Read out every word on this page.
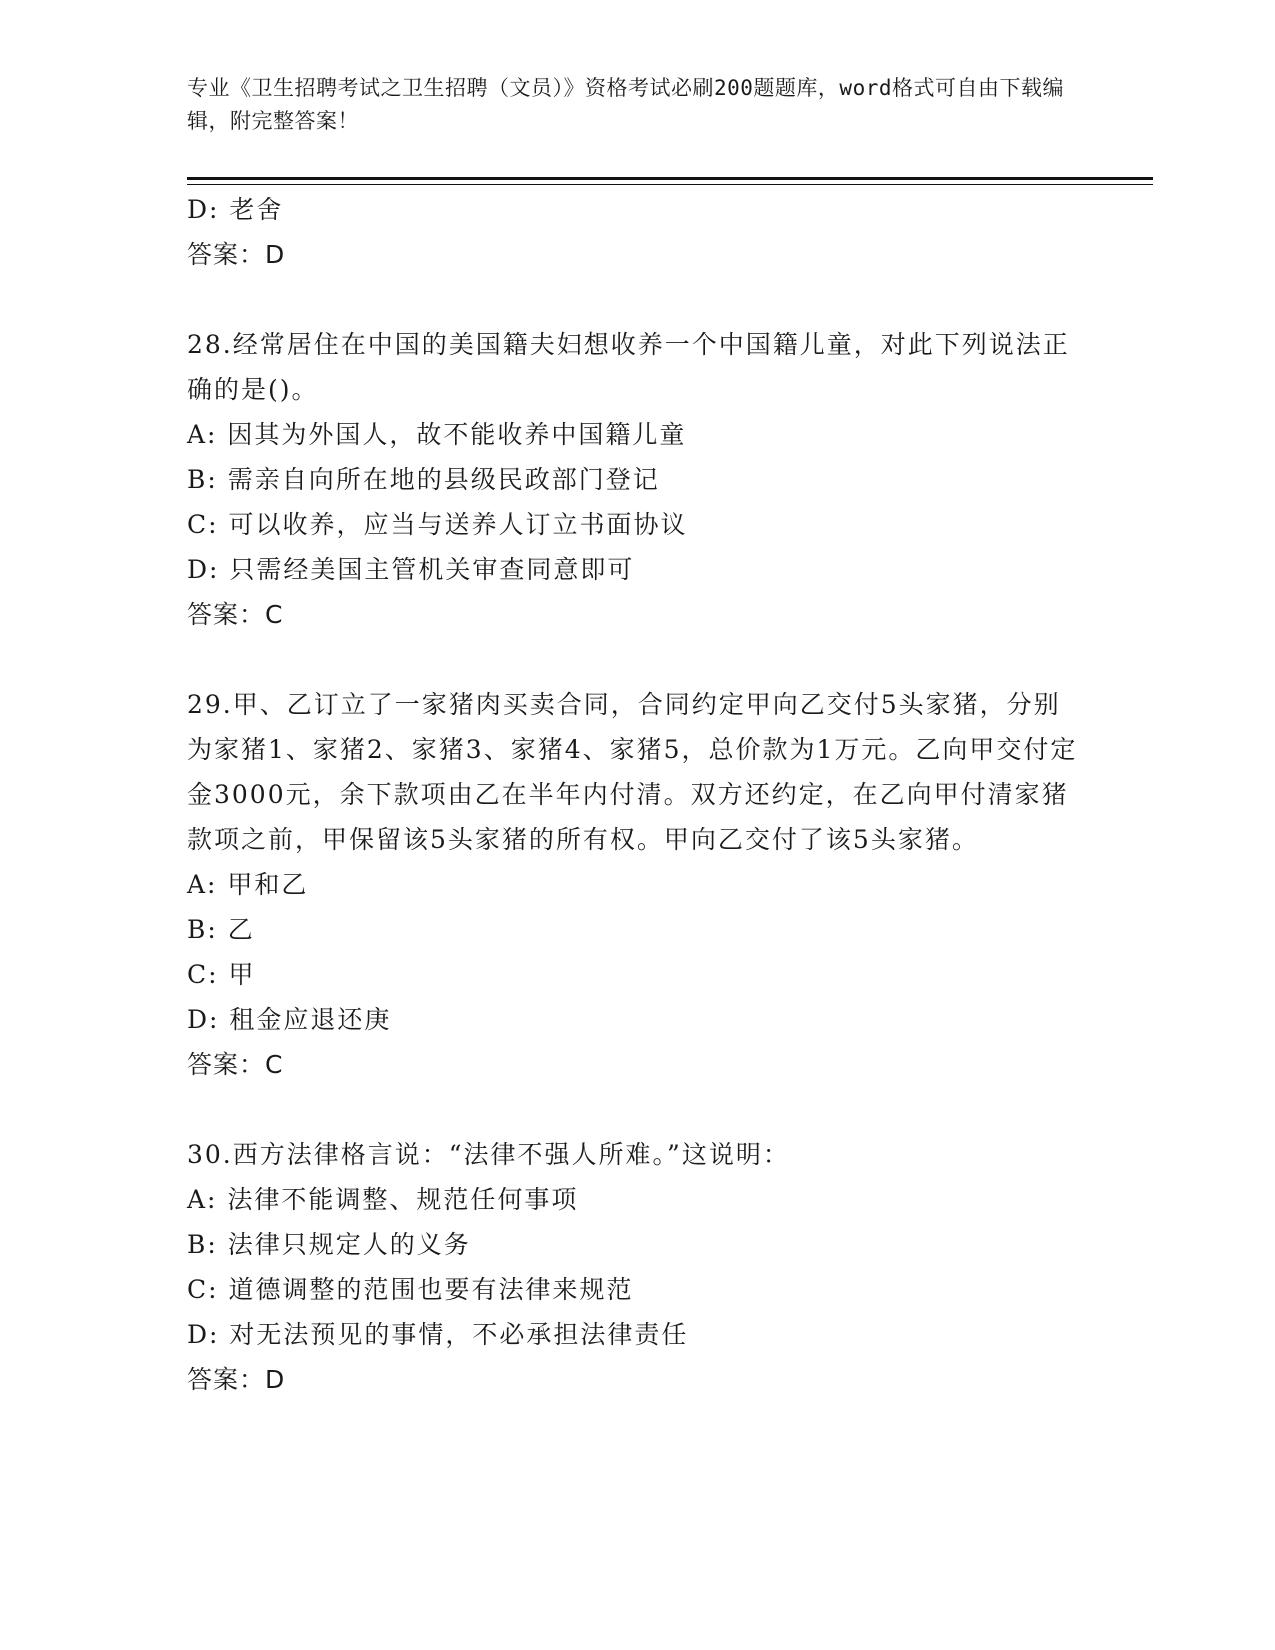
专业《卫生招聘考试之卫生招聘（文员）》资格考试必刷200题题库，word格式可自由下载编辑，附完整答案！
D: 老舍
答案：D
28.经常居住在中国的美国籍夫妇想收养一个中国籍儿童，对此下列说法正确的是()。
A: 因其为外国人，故不能收养中国籍儿童
B: 需亲自向所在地的县级民政部门登记
C: 可以收养，应当与送养人订立书面协议
D: 只需经美国主管机关审查同意即可
答案：C
29.甲、乙订立了一家猪肉买卖合同，合同约定甲向乙交付5头家猪，分别为家猪1、家猪2、家猪3、家猪4、家猪5，总价款为1万元。乙向甲交付定金3000元，余下款项由乙在半年内付清。双方还约定，在乙向甲付清家猪款项之前，甲保留该5头家猪的所有权。甲向乙交付了该5头家猪。
A: 甲和乙
B: 乙
C: 甲
D: 租金应退还庚
答案：C
30.西方法律格言说：“法律不强人所难。”这说明：
A: 法律不能调整、规范任何事项
B: 法律只规定人的义务
C: 道德调整的范围也要有法律来规范
D: 对无法预见的事情，不必承担法律责任
答案：D
